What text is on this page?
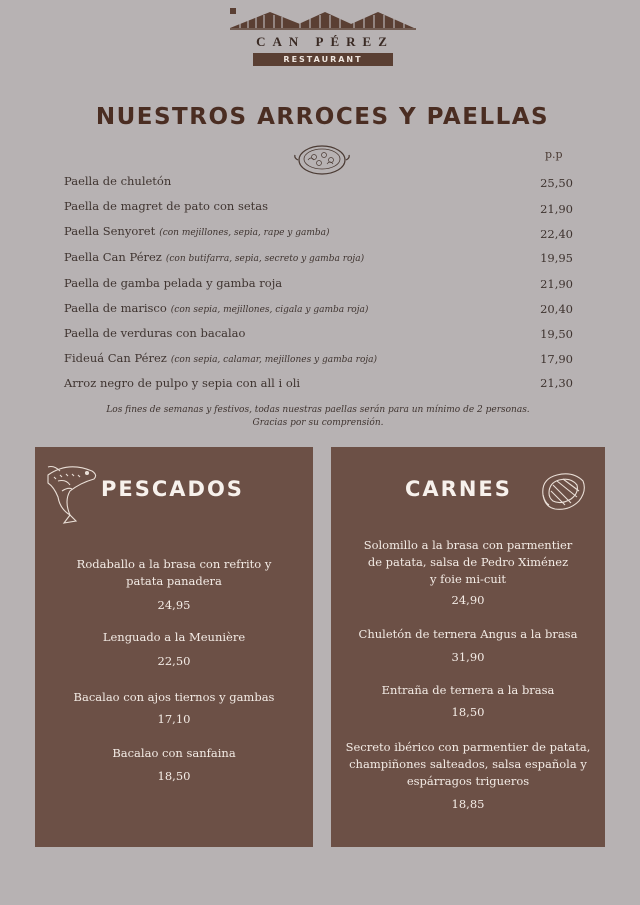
CAN PÉREZ
RESTAURANT
NUESTROS ARROCES Y PAELLAS
p.p
Paella de chuletón	25,50
Paella de magret de pato con setas	21,90
Paella Senyoret (con mejillones, sepia, rape y gamba)	22,40
Paella Can Pérez (con butifarra, sepia, secreto y gamba roja)	19,95
Paella de gamba pelada y gamba roja	21,90
Paella de marisco (con sepia, mejillones, cigala y gamba roja)	20,40
Paella de verduras con bacalao	19,50
Fideuá Can Pérez (con sepia, calamar, mejillones y gamba roja)	17,90
Arroz negro de pulpo y sepia con all i oli	21,30
Los fines de semanas y festivos, todas nuestras paellas serán para un mínimo de 2 personas.
Gracias por su comprensión.
PESCADOS
Rodaballo a la brasa con refrito y
patata panadera
24,95
Lenguado a la Meunière
22,50
Bacalao con ajos tiernos y gambas
17,10
Bacalao con sanfaina
18,50
CARNES
Solomillo a la brasa con parmentier
de patata, salsa de Pedro Ximénez
y foie mi-cuit
24,90
Chuletón de ternera Angus a la brasa
31,90
Entraña de ternera a la brasa
18,50
Secreto ibérico con parmentier de patata,
champiñones salteados, salsa española y
espárragos trigueros
18,85
